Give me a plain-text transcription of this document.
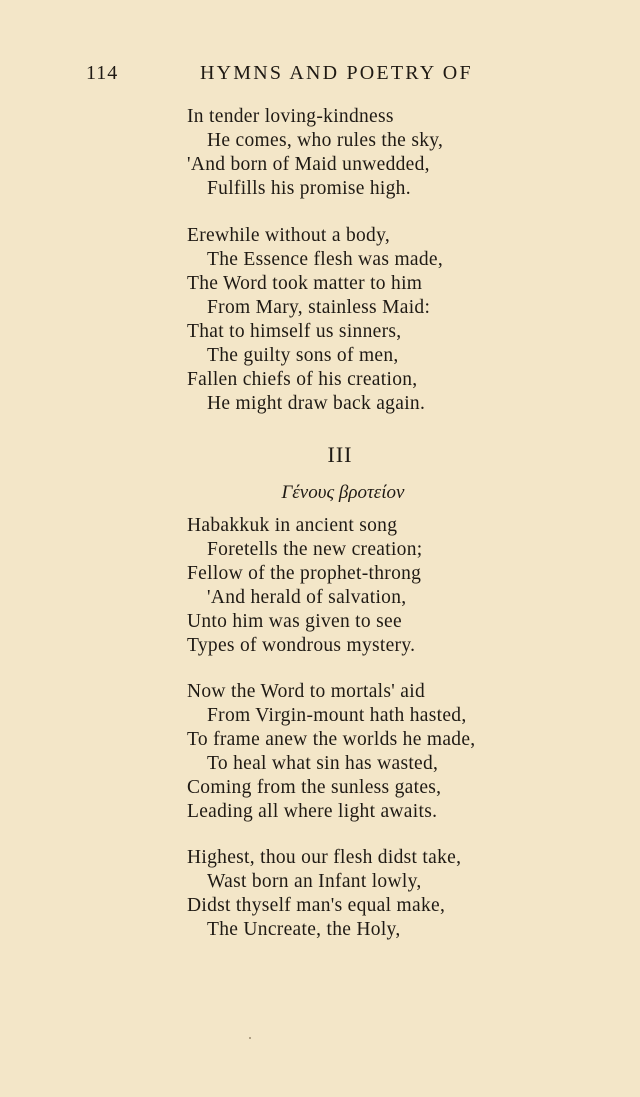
114	HYMNS AND POETRY OF
In tender loving-kindness
He comes, who rules the sky,
'And born of Maid unwedded,
Fulfills his promise high.
Erewhile without a body,
The Essence flesh was made,
The Word took matter to him
From Mary, stainless Maid:
That to himself us sinners,
The guilty sons of men,
Fallen chiefs of his creation,
He might draw back again.
III
Γένους βροτείον
Habakkuk in ancient song
Foretells the new creation;
Fellow of the prophet-throng
'And herald of salvation,
Unto him was given to see
Types of wondrous mystery.
Now the Word to mortals' aid
From Virgin-mount hath hasted,
To frame anew the worlds he made,
To heal what sin has wasted,
Coming from the sunless gates,
Leading all where light awaits.
Highest, thou our flesh didst take,
Wast born an Infant lowly,
Didst thyself man's equal make,
The Uncreate, the Holy,
